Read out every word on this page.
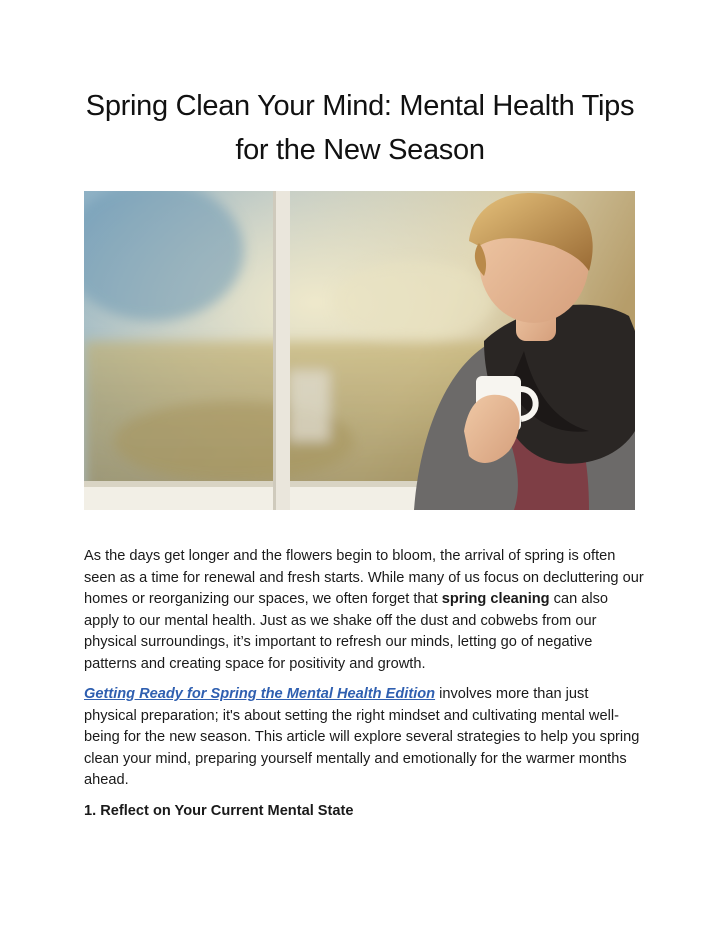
Spring Clean Your Mind: Mental Health Tips
for the New Season

As the days get longer and the flowers begin to bloom, the arrival of spring is often seen as a time for renewal and fresh starts. While many of us focus on decluttering our homes or reorganizing our spaces, we often forget that spring cleaning can also apply to our mental health. Just as we shake off the dust and cobwebs from our physical surroundings, it’s important to refresh our minds, letting go of negative patterns and creating space for positivity and growth.

Getting Ready for Spring the Mental Health Edition involves more than just physical preparation; it's about setting the right mindset and cultivating mental well-being for the new season. This article will explore several strategies to help you spring clean your mind, preparing yourself mentally and emotionally for the warmer months ahead.

1. Reflect on Your Current Mental State
